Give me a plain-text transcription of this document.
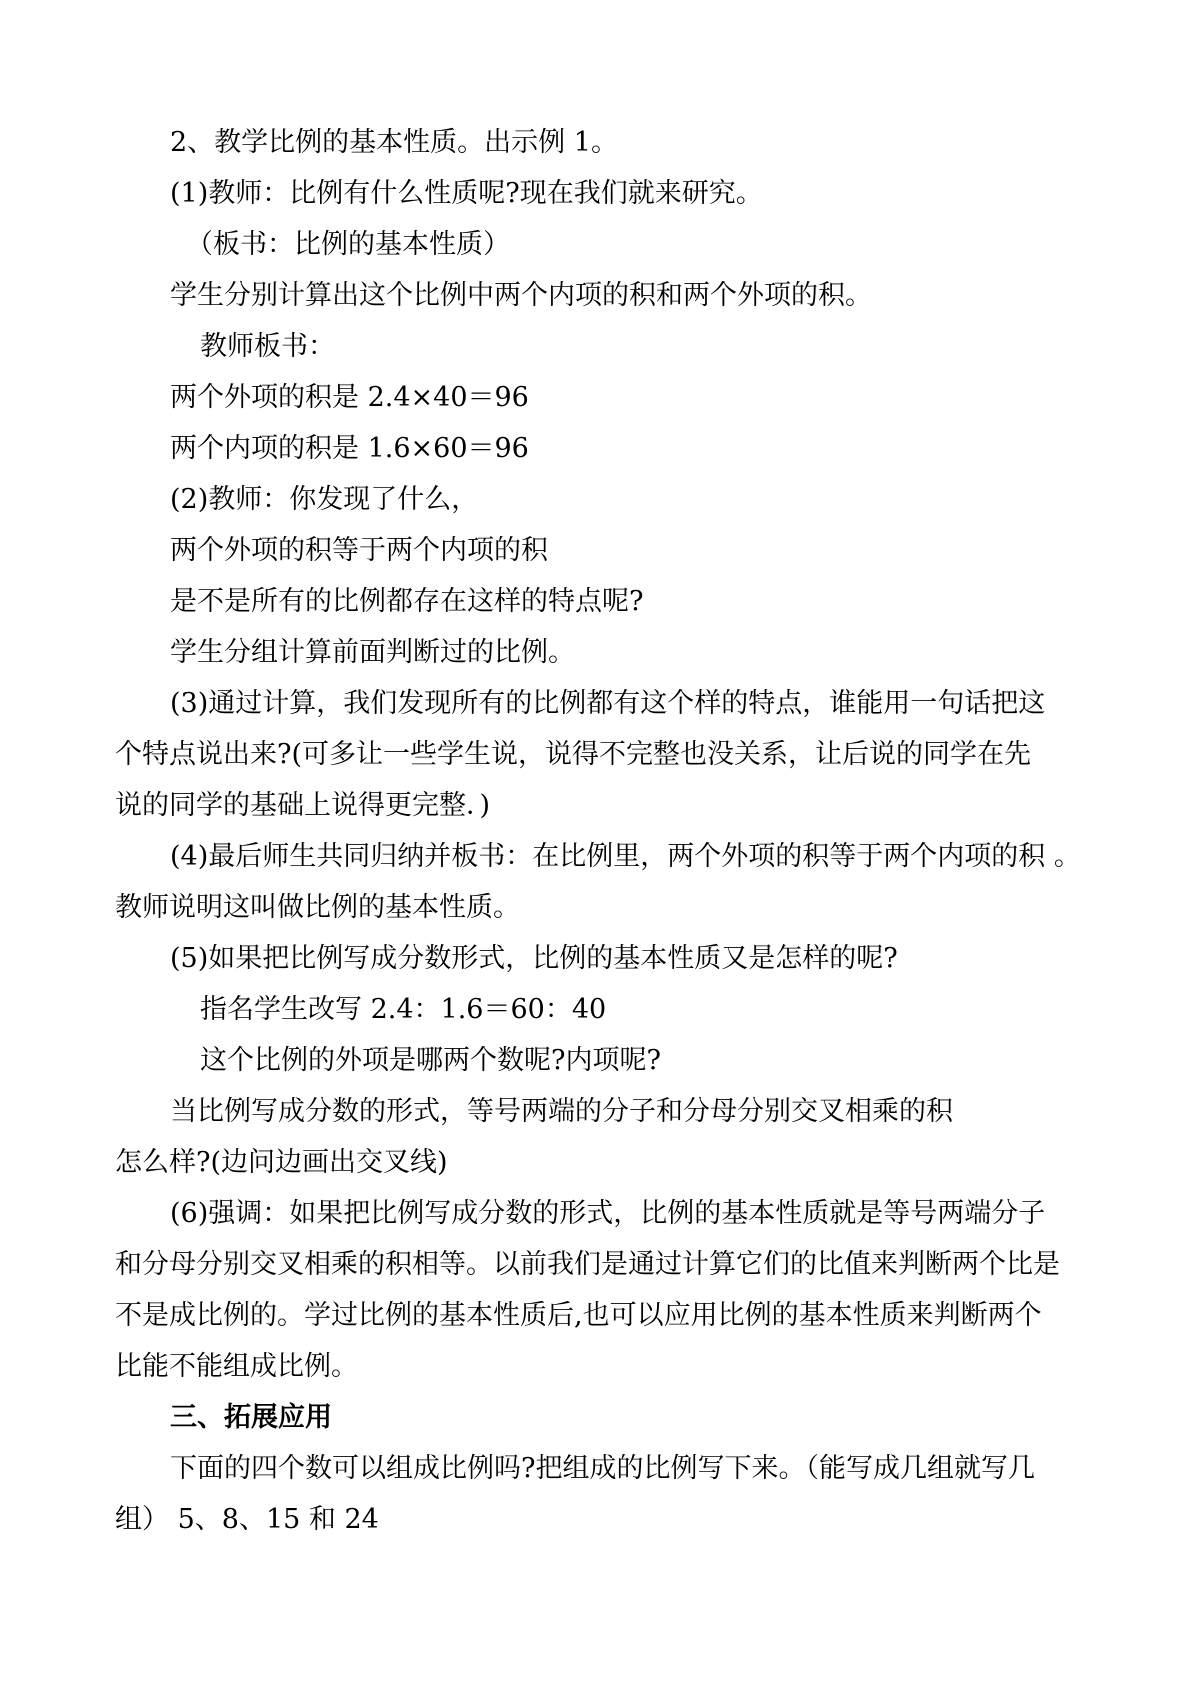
2、教学比例的基本性质。出示例 1。
(1)教师：比例有什么性质呢?现在我们就来研究。
（板书：比例的基本性质）
学生分别计算出这个比例中两个内项的积和两个外项的积。
教师板书：
两个外项的积是 2.4×40＝96
两个内项的积是 1.6×60＝96
(2)教师：你发现了什么，
两个外项的积等于两个内项的积
是不是所有的比例都存在这样的特点呢?
学生分组计算前面判断过的比例。
(3)通过计算，我们发现所有的比例都有这个样的特点，谁能用一句话把这
个特点说出来?(可多让一些学生说，说得不完整也没关系，让后说的同学在先
说的同学的基础上说得更完整．)
(4)最后师生共同归纳并板书：在比例里，两个外项的积等于两个内项的积 。
教师说明这叫做比例的基本性质。
(5)如果把比例写成分数形式，比例的基本性质又是怎样的呢?
指名学生改写 2.4：1.6＝60：40
这个比例的外项是哪两个数呢?内项呢?
当比例写成分数的形式，等号两端的分子和分母分别交叉相乘的积
怎么样?(边问边画出交叉线)
(6)强调：如果把比例写成分数的形式，比例的基本性质就是等号两端分子
和分母分别交叉相乘的积相等。以前我们是通过计算它们的比值来判断两个比是
不是成比例的。学过比例的基本性质后,也可以应用比例的基本性质来判断两个
比能不能组成比例。
三、拓展应用
下面的四个数可以组成比例吗?把组成的比例写下来。（能写成几组就写几
组） 5、8、15 和 24
